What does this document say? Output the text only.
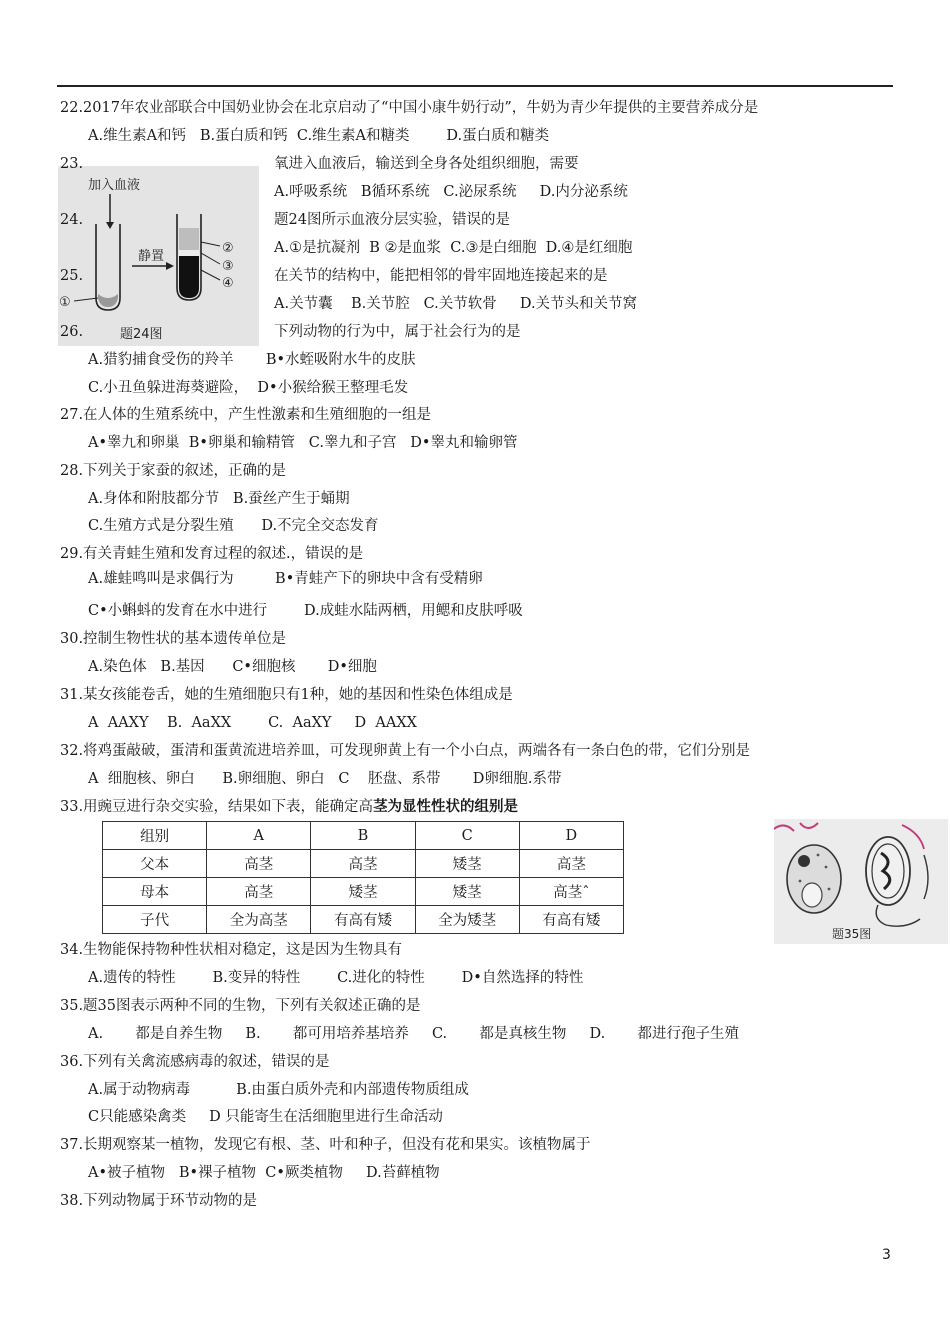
加入血液
①
静置
②
③
④
题24图
题35图
22.2017年农业部联合中国奶业协会在北京启动了“中国小康牛奶行动”，牛奶为青少年提供的主要营养成分是
A.维生素A和钙   B.蛋白质和钙  C.维生素A和糖类        D.蛋白质和糖类
23.	氧进入血液后，输送到全身各处组织细胞，需要
A.呼吸系统   B循环系统   C.泌尿系统     D.内分泌系统
24.	题24图所示血液分层实验，错误的是
A.①是抗凝剂  B ②是血浆  C.③是白细胞  D.④是红细胞
25.	在关节的结构中，能把相邻的骨牢固地连接起来的是
A.关节囊    B.关节腔   C.关节软骨     D.关节头和关节窝
26.	下列动物的行为中，属于社会行为的是
A.猎豹捕食受伤的羚羊       B•水蛭吸附水牛的皮肤
C.小丑鱼躲进海葵避险，  D•小猴给猴王整理毛发
27.在人体的生殖系统中，产生性激素和生殖细胞的一组是
A•睾九和卵巢  B•卵巢和输精管   C.睾九和子宫   D•睾丸和输卵管
28.下列关于家蚕的叙述，正确的是
A.身体和附肢都分节   B.蚕丝产生于蛹期
C.生殖方式是分裂生殖      D.不完全交态发育
29.有关青蛙生殖和发育过程的叙述.，错误的是
A.雄蛙鸣叫是求偶行为         B•青蛙产下的卵块中含有受精卵
C•小蝌蚪的发育在水中进行        D.成蛙水陆两栖，用鳃和皮肤呼吸
30.控制生物性状的基本遗传单位是
A.染色体   B.基因      C•细胞核       D•细胞
31.某女孩能卷舌，她的生殖细胞只有1种，她的基因和性染色体组成是
A  AAXY    B.  AaXX        C.  AaXY     D  AAXX
32.将鸡蛋敲破，蛋清和蛋黄流进培养皿，可发现卵黄上有一个小白点，两端各有一条白色的带，它们分别是
A  细胞核、卵白      B.卵细胞、卵白   C    胚盘、系带       D卵细胞.系带
33.用豌豆进行杂交实验，结果如下表，能确定高茎为显性性状的组别是
组别	A	B	C	D
父本	高茎	高茎	矮茎	高茎
母本	高茎	矮茎	矮茎	高茎ˆ
子代	全为高茎	有高有矮	全为矮茎	有高有矮
34.生物能保持物种性状相对稳定，这是因为生物具有
A.遗传的特性        B.变异的特性        C.进化的特性        D•自然选择的特性
35.题35图表示两种不同的生物，下列有关叙述正确的是
A.       都是自养生物     B.       都可用培养基培养     C.       都是真核生物     D.       都进行孢子生殖
36.下列有关禽流感病毒的叙述，错误的是
A.属于动物病毒          B.由蛋白质外壳和内部遗传物质组成
C只能感染禽类     D 只能寄生在活细胞里进行生命活动
37.长期观察某一植物，发现它有根、茎、叶和种子，但没有花和果实。该植物属于
A•被子植物   B•裸子植物  C•厥类植物     D.苔藓植物
38.下列动物属于环节动物的是
3
